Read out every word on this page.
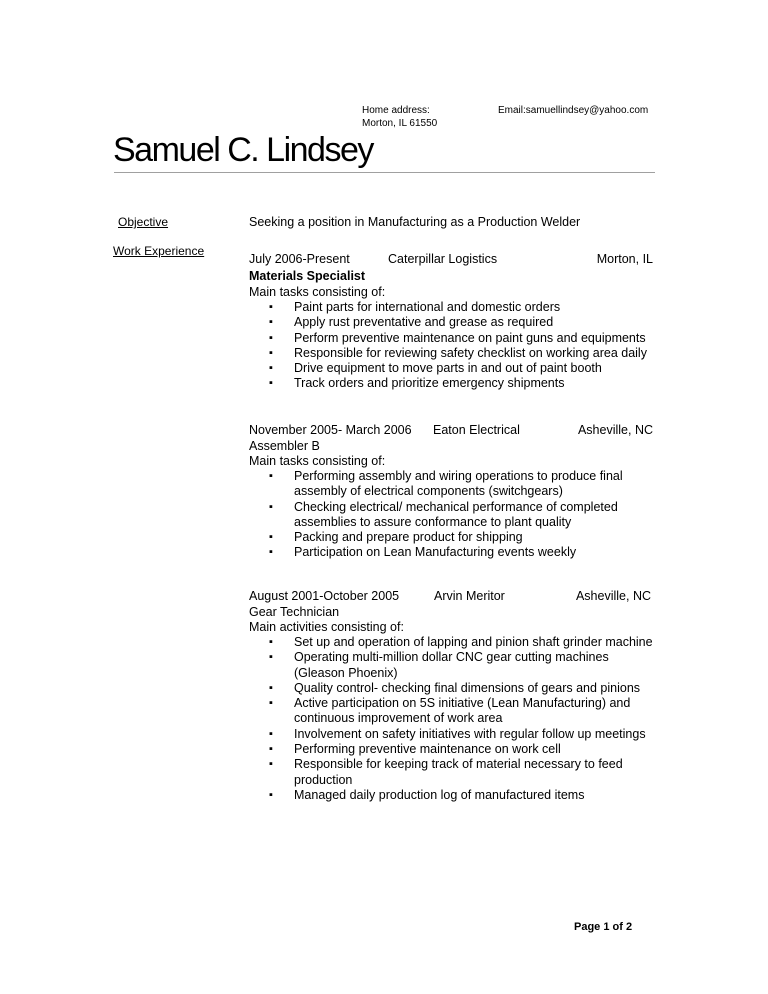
Home address:
Morton, IL 61550
Email:samuellindsey@yahoo.com
Samuel C. Lindsey
Objective
Work Experience
Seeking a position in Manufacturing as a Production Welder
July 2006-Present	Caterpillar Logistics	Morton, IL
Materials Specialist
Main tasks consisting of:
▪ Paint parts for international and domestic orders
▪ Apply rust preventative and grease as required
▪ Perform preventive maintenance on paint guns and equipments
▪ Responsible for reviewing safety checklist on working area daily
▪ Drive equipment to move parts in and out of paint booth
▪ Track orders and prioritize emergency shipments
November 2005- March 2006 Eaton Electrical	Asheville, NC
Assembler B
Main tasks consisting of:
▪ Performing assembly and wiring operations to produce final assembly of electrical components (switchgears)
▪ Checking electrical/ mechanical performance of completed assemblies to assure conformance to plant quality
▪ Packing and prepare product for shipping
▪ Participation on Lean Manufacturing events weekly
August 2001-October 2005	Arvin Meritor	Asheville, NC
Gear Technician
Main activities consisting of:
▪ Set up and operation of lapping and pinion shaft grinder machine
▪ Operating multi-million dollar CNC gear cutting machines (Gleason Phoenix)
▪ Quality control- checking final dimensions of gears and pinions
▪ Active participation on 5S initiative (Lean Manufacturing) and continuous improvement of work area
▪ Involvement on safety initiatives with regular follow up meetings
▪ Performing preventive maintenance on work cell
▪ Responsible for keeping track of material necessary to feed production
▪ Managed daily production log of manufactured items
Page 1 of 2
